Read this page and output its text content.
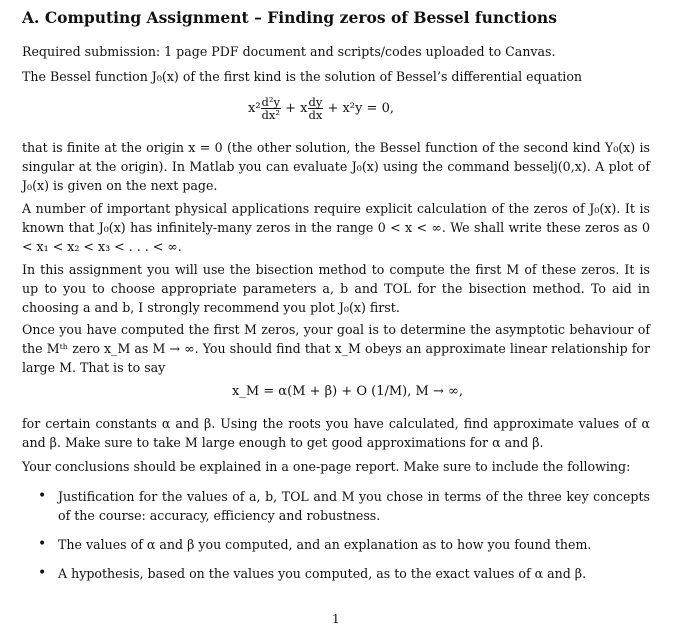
A. Computing Assignment – Finding zeros of Bessel functions
Required submission: 1 page PDF document and scripts/codes uploaded to Canvas.
The Bessel function J₀(x) of the first kind is the solution of Bessel’s differential equation
$x^2 \frac{\text{d²y}}{\text{dx²}} + x \frac{dy}{dx} + x^2y = 0$,
that is finite at the origin x = 0 (the other solution, the Bessel function of the second kind Y₀(x) is singular at the origin). In Matlab you can evaluate J₀(x) using the command besselj(0,x). A plot of J₀(x) is given on the next page.
A number of important physical applications require explicit calculation of the zeros of J₀(x). It is known that J₀(x) has infinitely-many zeros in the range 0 < x < ∞. We shall write these zeros as 0 < x₁ < x₂ < x₃ < . . . < ∞.
In this assignment you will use the bisection method to compute the first M of these zeros. It is up to you to choose appropriate parameters a, b and TOL for the bisection method. To aid in choosing a and b, I strongly recommend you plot J₀(x) first.
Once you have computed the first M zeros, your goal is to determine the asymptotic behaviour of the Mᵗʰ zero x_M as M → ∞. You should find that x_M obeys an approximate linear relationship for large M. That is to say
x_M = α(M + β) + O (1/M), M → ∞,
for certain constants α and β. Using the roots you have calculated, find approximate values of α and β. Make sure to take M large enough to get good approximations for α and β.
Your conclusions should be explained in a one-page report. Make sure to include the following:
• Justification for the values of a, b, TOL and M you chose in terms of the three key concepts of the course: accuracy, efficiency and robustness.
• The values of α and β you computed, and an explanation as to how you found them.
• A hypothesis, based on the values you computed, as to the exact values of α and β.
1
